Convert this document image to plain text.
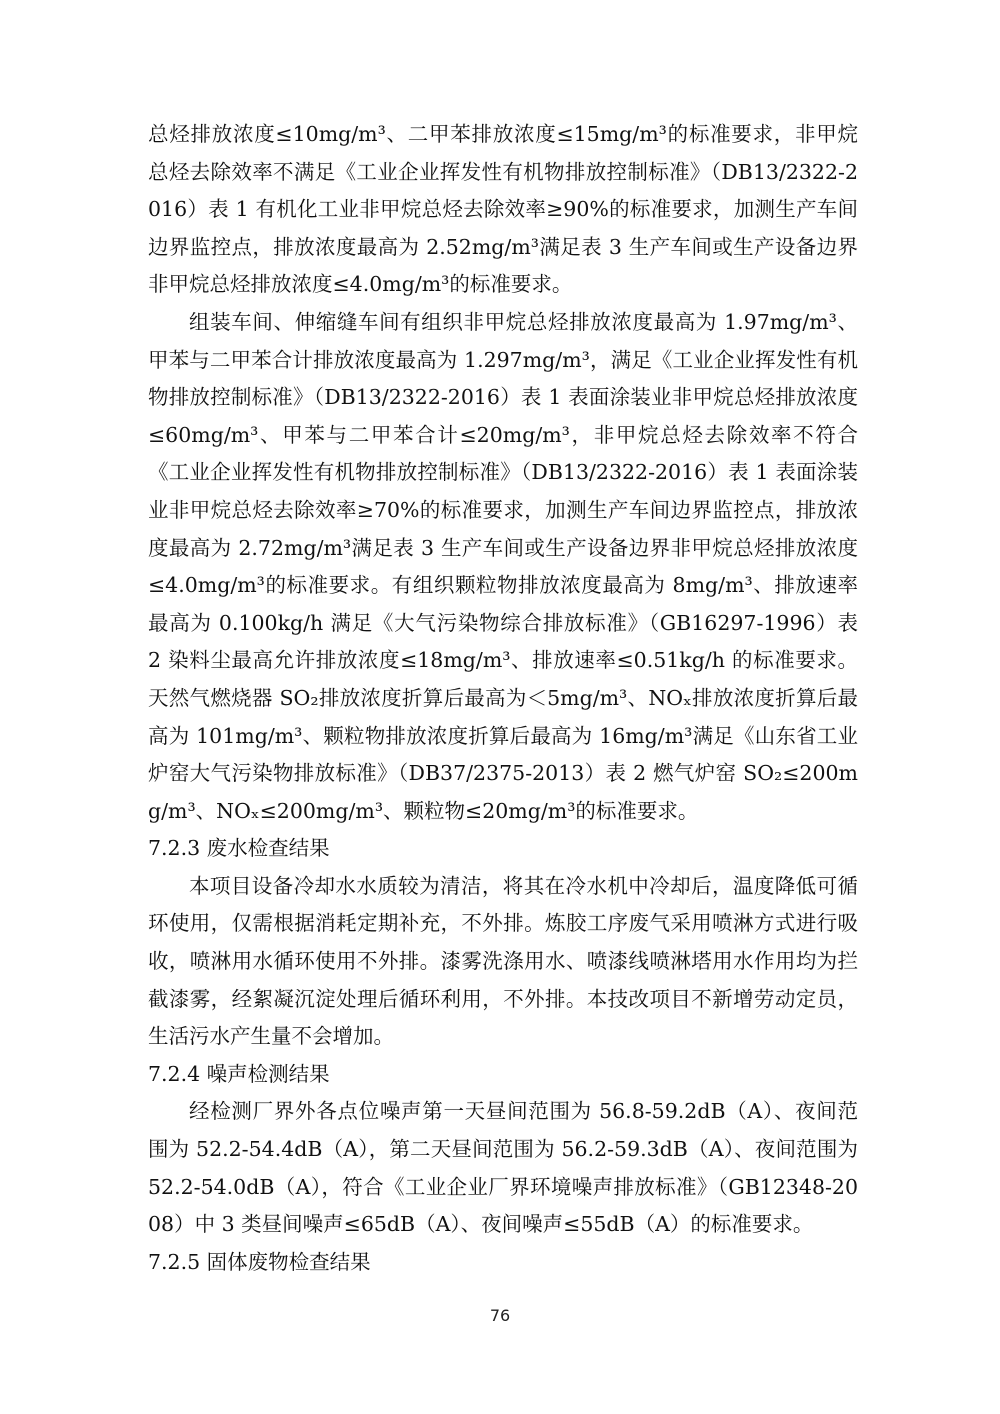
总烃排放浓度≤10mg/m³、二甲苯排放浓度≤15mg/m³的标准要求，非甲烷总烃去除效率不满足《工业企业挥发性有机物排放控制标准》（DB13/2322-2016）表 1 有机化工业非甲烷总烃去除效率≥90%的标准要求，加测生产车间边界监控点，排放浓度最高为 2.52mg/m³满足表 3 生产车间或生产设备边界非甲烷总烃排放浓度≤4.0mg/m³的标准要求。

组装车间、伸缩缝车间有组织非甲烷总烃排放浓度最高为 1.97mg/m³、甲苯与二甲苯合计排放浓度最高为 1.297mg/m³，满足《工业企业挥发性有机物排放控制标准》（DB13/2322-2016）表 1 表面涂装业非甲烷总烃排放浓度≤60mg/m³、甲苯与二甲苯合计≤20mg/m³，非甲烷总烃去除效率不符合《工业企业挥发性有机物排放控制标准》（DB13/2322-2016）表 1 表面涂装业非甲烷总烃去除效率≥70%的标准要求，加测生产车间边界监控点，排放浓度最高为 2.72mg/m³满足表 3 生产车间或生产设备边界非甲烷总烃排放浓度≤4.0mg/m³的标准要求。有组织颗粒物排放浓度最高为 8mg/m³、排放速率最高为 0.100kg/h 满足《大气污染物综合排放标准》（GB16297-1996）表 2 染料尘最高允许排放浓度≤18mg/m³、排放速率≤0.51kg/h 的标准要求。天然气燃烧器 SO₂排放浓度折算后最高为＜5mg/m³、NOₓ排放浓度折算后最高为 101mg/m³、颗粒物排放浓度折算后最高为 16mg/m³满足《山东省工业炉窑大气污染物排放标准》（DB37/2375-2013）表 2 燃气炉窑 SO₂≤200mg/m³、NOₓ≤200mg/m³、颗粒物≤20mg/m³的标准要求。

7.2.3 废水检查结果

本项目设备冷却水水质较为清洁，将其在冷水机中冷却后，温度降低可循环使用，仅需根据消耗定期补充，不外排。炼胶工序废气采用喷淋方式进行吸收，喷淋用水循环使用不外排。漆雾洗涤用水、喷漆线喷淋塔用水作用均为拦截漆雾，经絮凝沉淀处理后循环利用，不外排。本技改项目不新增劳动定员，生活污水产生量不会增加。

7.2.4 噪声检测结果

经检测厂界外各点位噪声第一天昼间范围为 56.8-59.2dB（A）、夜间范围为 52.2-54.4dB（A），第二天昼间范围为 56.2-59.3dB（A）、夜间范围为 52.2-54.0dB（A），符合《工业企业厂界环境噪声排放标准》（GB12348-2008）中 3 类昼间噪声≤65dB（A）、夜间噪声≤55dB（A）的标准要求。

7.2.5 固体废物检查结果

76
